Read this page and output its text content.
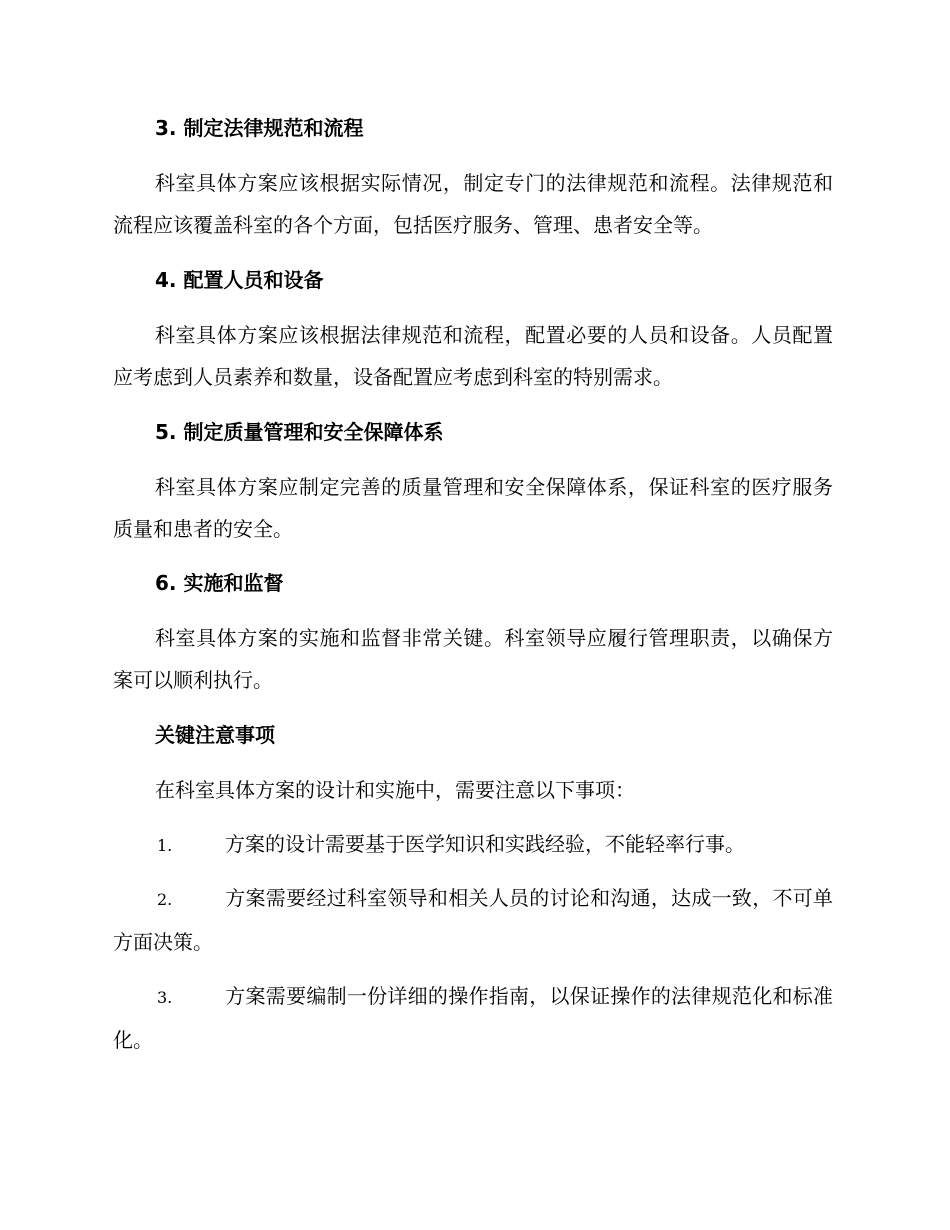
3. 制定法律规范和流程

科室具体方案应该根据实际情况，制定专门的法律规范和流程。法律规范和流程应该覆盖科室的各个方面，包括医疗服务、管理、患者安全等。

4. 配置人员和设备

科室具体方案应该根据法律规范和流程，配置必要的人员和设备。人员配置应考虑到人员素养和数量，设备配置应考虑到科室的特别需求。

5. 制定质量管理和安全保障体系

科室具体方案应制定完善的质量管理和安全保障体系，保证科室的医疗服务质量和患者的安全。

6. 实施和监督

科室具体方案的实施和监督非常关键。科室领导应履行管理职责，以确保方案可以顺利执行。

关键注意事项

在科室具体方案的设计和实施中，需要注意以下事项：

1.	方案的设计需要基于医学知识和实践经验，不能轻率行事。

2.	方案需要经过科室领导和相关人员的讨论和沟通，达成一致，不可单方面决策。

3.	方案需要编制一份详细的操作指南，以保证操作的法律规范化和标准化。
